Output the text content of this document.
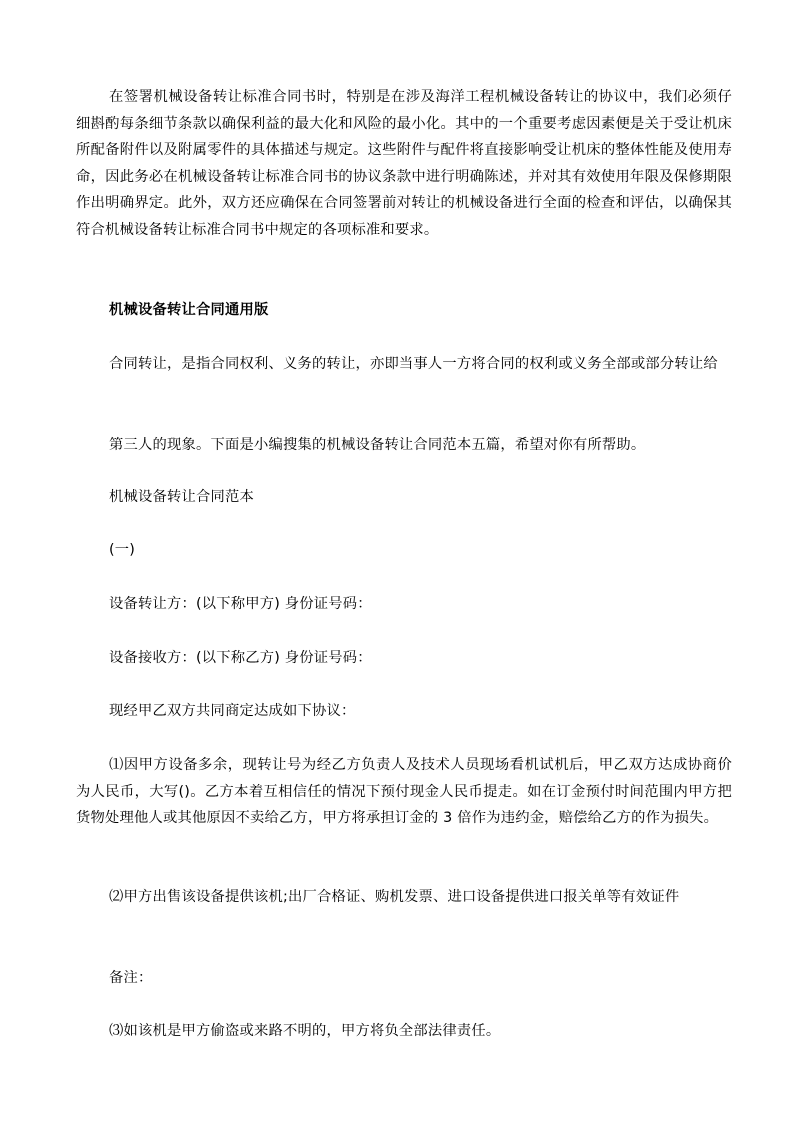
在签署机械设备转让标准合同书时，特别是在涉及海洋工程机械设备转让的协议中，我们必须仔细斟酌每条细节条款以确保利益的最大化和风险的最小化。其中的一个重要考虑因素便是关于受让机床所配备附件以及附属零件的具体描述与规定。这些附件与配件将直接影响受让机床的整体性能及使用寿命，因此务必在机械设备转让标准合同书的协议条款中进行明确陈述，并对其有效使用年限及保修期限作出明确界定。此外，双方还应确保在合同签署前对转让的机械设备进行全面的检查和评估，以确保其符合机械设备转让标准合同书中规定的各项标准和要求。

机械设备转让合同通用版

合同转让，是指合同权利、义务的转让，亦即当事人一方将合同的权利或义务全部或部分转让给

第三人的现象。下面是小编搜集的机械设备转让合同范本五篇，希望对你有所帮助。

机械设备转让合同范本

(一)

设备转让方：(以下称甲方) 身份证号码：

设备接收方：(以下称乙方) 身份证号码：

现经甲乙双方共同商定达成如下协议：

⑴因甲方设备多余，现转让号为经乙方负责人及技术人员现场看机试机后，甲乙双方达成协商价为人民币，大写()。乙方本着互相信任的情况下预付现金人民币提走。如在订金预付时间范围内甲方把货物处理他人或其他原因不卖给乙方，甲方将承担订金的 3 倍作为违约金，赔偿给乙方的作为损失。

⑵甲方出售该设备提供该机;出厂合格证、购机发票、进口设备提供进口报关单等有效证件

备注：

⑶如该机是甲方偷盗或来路不明的，甲方将负全部法律责任。
